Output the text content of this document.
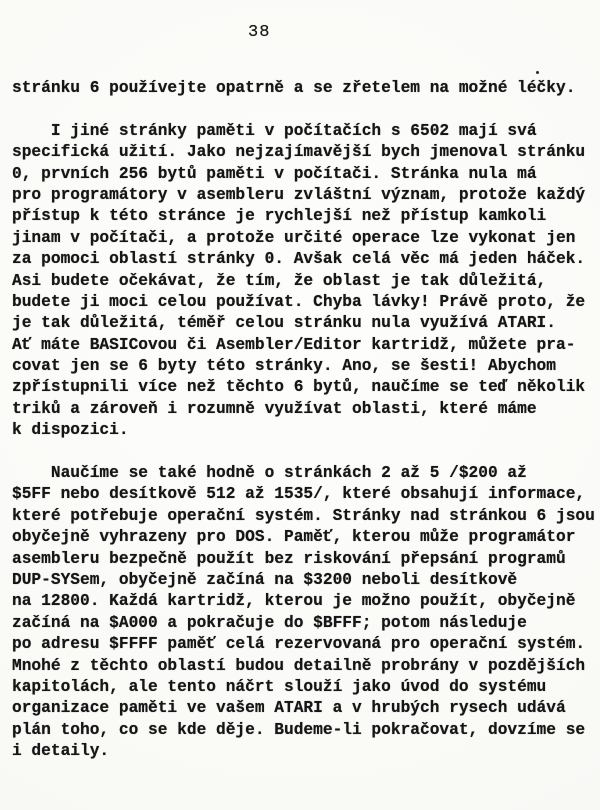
38
stránku 6 používejte opatrně a se zřetelem na možné léčky.
I jiné stránky paměti v počítačích s 6502 mají svá
specifická užití. Jako nejzajímavější bych jmenoval stránku
0, prvních 256 bytů paměti v počítači. Stránka nula má
pro programátory v asembleru zvláštní význam, protože každý
přístup k této stránce je rychlejší než přístup kamkoli
jinam v počítači, a protože určité operace lze vykonat jen
za pomoci oblastí stránky 0. Avšak celá věc má jeden háček.
Asi budete očekávat, že tím, že oblast je tak důležitá,
budete ji moci celou používat. Chyba lávky! Právě proto, že
je tak důležitá, téměř celou stránku nula využívá ATARI.
Ať máte BASICovou či Asembler/Editor kartridž, můžete pra-
covat jen se 6 byty této stránky. Ano, se šesti! Abychom
zpřístupnili více než těchto 6 bytů, naučíme se teď několik
triků a zároveň i rozumně využívat oblasti, které máme
k dispozici.
Naučíme se také hodně o stránkách 2 až 5 /$200 až
$5FF nebo desítkově 512 až 1535/, které obsahují informace,
které potřebuje operační systém. Stránky nad stránkou 6 jsou
obyčejně vyhrazeny pro DOS. Paměť, kterou může programátor
asembleru bezpečně použít bez riskování přepsání programů
DUP-SYSem, obyčejně začíná na $3200 neboli desítkově
na 12800. Každá kartridž, kterou je možno použít, obyčejně
začíná na $A000 a pokračuje do $BFFF; potom následuje
po adresu $FFFF paměť celá rezervovaná pro operační systém.
Mnohé z těchto oblastí budou detailně probrány v pozdějších
kapitolách, ale tento náčrt slouží jako úvod do systému
organizace paměti ve vašem ATARI a v hrubých rysech udává
plán toho, co se kde děje. Budeme-li pokračovat, dovzíme se
i detaily.
